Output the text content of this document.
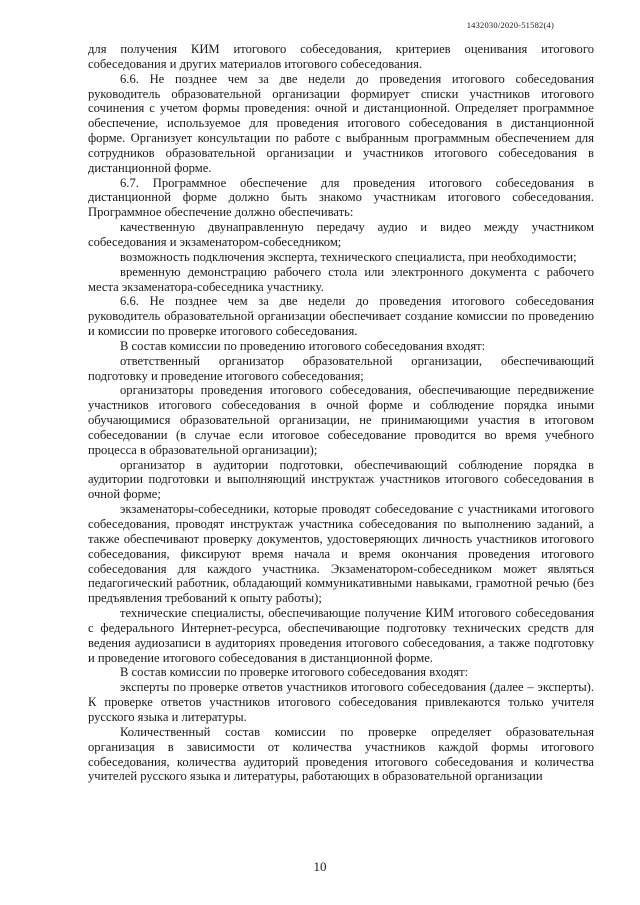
1432030/2020-51582(4)

для получения КИМ итогового собеседования, критериев оценивания итогового собеседования и других материалов итогового собеседования.

6.6. Не позднее чем за две недели до проведения итогового собеседования руководитель образовательной организации формирует списки участников итогового сочинения с учетом формы проведения: очной и дистанционной. Определяет программное обеспечение, используемое для проведения итогового собеседования в дистанционной форме. Организует консультации по работе с выбранным программным обеспечением для сотрудников образовательной организации и участников итогового собеседования в дистанционной форме.

6.7. Программное обеспечение для проведения итогового собеседования в дистанционной форме должно быть знакомо участникам итогового собеседования. Программное обеспечение должно обеспечивать:

качественную двунаправленную передачу аудио и видео между участником собеседования и экзаменатором-собеседником;

возможность подключения эксперта, технического специалиста, при необходимости;

временную демонстрацию рабочего стола или электронного документа с рабочего места экзаменатора-собеседника участнику.

6.6. Не позднее чем за две недели до проведения итогового собеседования руководитель образовательной организации обеспечивает создание комиссии по проведению и комиссии по проверке итогового собеседования.

В состав комиссии по проведению итогового собеседования входят:

ответственный организатор образовательной организации, обеспечивающий подготовку и проведение итогового собеседования;

организаторы проведения итогового собеседования, обеспечивающие передвижение участников итогового собеседования в очной форме и соблюдение порядка иными обучающимися образовательной организации, не принимающими участия в итоговом собеседовании (в случае если итоговое собеседование проводится во время учебного процесса в образовательной организации);

организатор в аудитории подготовки, обеспечивающий соблюдение порядка в аудитории подготовки и выполняющий инструктаж участников итогового собеседования в очной форме;

экзаменаторы-собеседники, которые проводят собеседование с участниками итогового собеседования, проводят инструктаж участника собеседования по выполнению заданий, а также обеспечивают проверку документов, удостоверяющих личность участников итогового собеседования, фиксируют время начала и время окончания проведения итогового собеседования для каждого участника. Экзаменатором-собеседником может являться педагогический работник, обладающий коммуникативными навыками, грамотной речью (без предъявления требований к опыту работы);

технические специалисты, обеспечивающие получение КИМ итогового собеседования с федерального Интернет-ресурса, обеспечивающие подготовку технических средств для ведения аудиозаписи в аудиториях проведения итогового собеседования, а также подготовку и проведение итогового собеседования в дистанционной форме.

В состав комиссии по проверке итогового собеседования входят:

эксперты по проверке ответов участников итогового собеседования (далее – эксперты). К проверке ответов участников итогового собеседования привлекаются только учителя русского языка и литературы.

Количественный состав комиссии по проверке определяет образовательная организация в зависимости от количества участников каждой формы итогового собеседования, количества аудиторий проведения итогового собеседования и количества учителей русского языка и литературы, работающих в образовательной организации

10
